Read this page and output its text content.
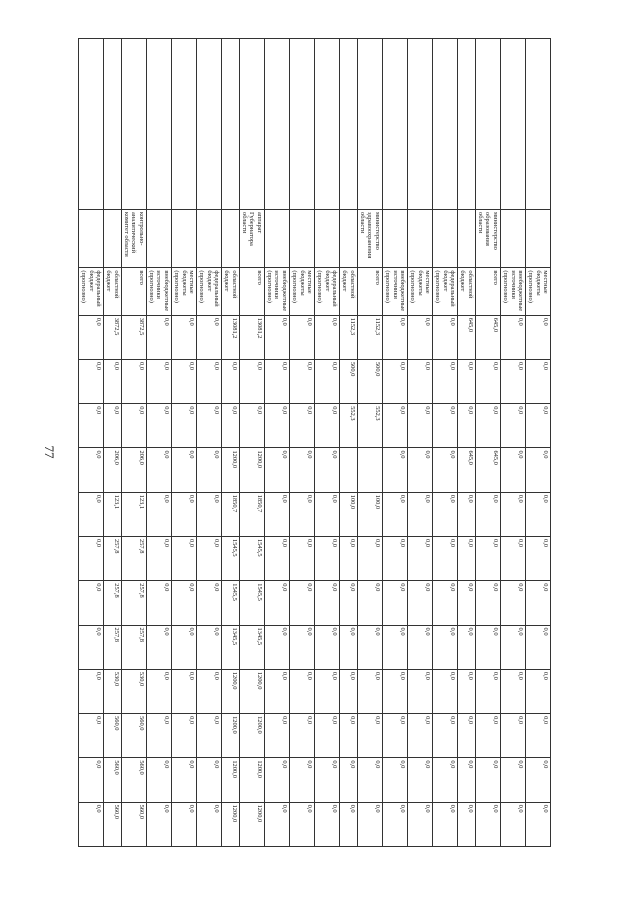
77
		местные бюджеты (прогнозно)	0,0	0,0	0,0	0,0	0,0	0,0	0,0	0,0	0,0	0,0	0,0	0,0
		внебюджетные источники (прогнозно)	0,0	0,0	0,0	0,0	0,0	0,0	0,0	0,0	0,0	0,0	0,0	0,0
	министерство образования области	всего	645,0	0,0	0,0	645,0	0,0	0,0	0,0	0,0	0,0	0,0	0,0	0,0
		областной бюджет	645,0	0,0	0,0	645,0	0,0	0,0	0,0	0,0	0,0	0,0	0,0	0,0
		федеральный бюджет (прогнозно)	0,0	0,0	0,0	0,0	0,0	0,0	0,0	0,0	0,0	0,0	0,0	0,0
		местные бюджеты (прогнозно)	0,0	0,0	0,0	0,0	0,0	0,0	0,0	0,0	0,0	0,0	0,0	0,0
		внебюджетные источники (прогнозно)	0,0	0,0	0,0	0,0	0,0	0,0	0,0	0,0	0,0	0,0	0,0	0,0
	министерство здравоохранения области	всего	1152,3	500,0	552,3		100,0	0,0	0,0	0,0	0,0	0,0	0,0	0,0
		областной бюджет	1152,3	500,0	552,3		100,0	0,0	0,0	0,0	0,0	0,0	0,0	0,0
		федеральный бюджет (прогнозно)	0,0	0,0	0,0	0,0	0,0	0,0	0,0	0,0	0,0	0,0	0,0	0,0
		местные бюджеты (прогнозно)	0,0	0,0	0,0	0,0	0,0	0,0	0,0	0,0	0,0	0,0	0,0	0,0
		внебюджетные источники (прогнозно)	0,0	0,0	0,0	0,0	0,0	0,0	0,0	0,0	0,0	0,0	0,0	0,0
	аппарат Губернатора области	всего	13081,2	0,0	0,0	1200,0	1850,7	1545,5	1545,5	1345,5	1200,0	1200,0	1200,0	1200,0
		областной бюджет	13081,2	0,0	0,0	1200,0	1850,7	1545,5	1545,5	1345,5	1200,0	1200,0	1200,0	1200,0
		федеральный бюджет (прогнозно)	0,0	0,0	0,0	0,0	0,0	0,0	0,0	0,0	0,0	0,0	0,0	0,0
		местные бюджеты (прогнозно)	0,0	0,0	0,0	0,0	0,0	0,0	0,0	0,0	0,0	0,0	0,0	0,0
		внебюджетные источники (прогнозно)	0,0	0,0	0,0	0,0	0,0	0,0	0,0	0,0	0,0	0,0	0,0	0,0
	контрольно-аналитический комитет области	всего	3872,5	0,0	0,0	206,0	123,1	257,8	257,8	257,8	530,0	560,0	560,0	560,0
		областной бюджет	3872,5	0,0	0,0	206,0	123,1	257,8	257,8	257,8	530,0	560,0	560,0	560,0
		федеральный бюджет (прогнозно)	0,0	0,0	0,0	0,0	0,0	0,0	0,0	0,0	0,0	0,0	0,0	0,0
